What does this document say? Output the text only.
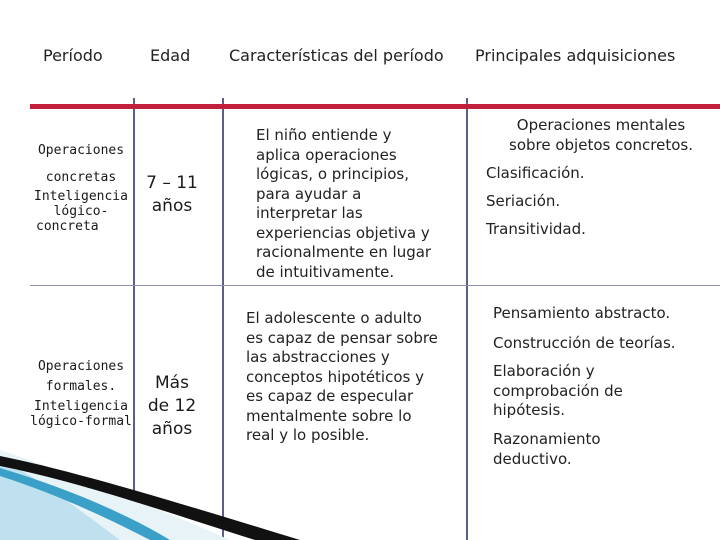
Período	Edad Características del período Principales adquisiciones
Operaciones
concretas
Inteligencia
lógico-
concreta
7 – 11
años
El niño entiende y
aplica operaciones
lógicas, o principios,
para ayudar a
interpretar las
experiencias objetiva y
racionalmente en lugar
de intuitivamente.
Operaciones mentales
sobre objetos concretos.
Clasificación.
Seriación.
Transitividad.
Operaciones
formales.
Inteligencia
lógico-formal
Más
de 12
años
El adolescente o adulto
es capaz de pensar sobre
las abstracciones y
conceptos hipotéticos y
es capaz de especular
mentalmente sobre lo
real y lo posible.
Pensamiento abstracto.
Construcción de teorías.
Elaboración y
comprobación de
hipótesis.
Razonamiento
deductivo.
